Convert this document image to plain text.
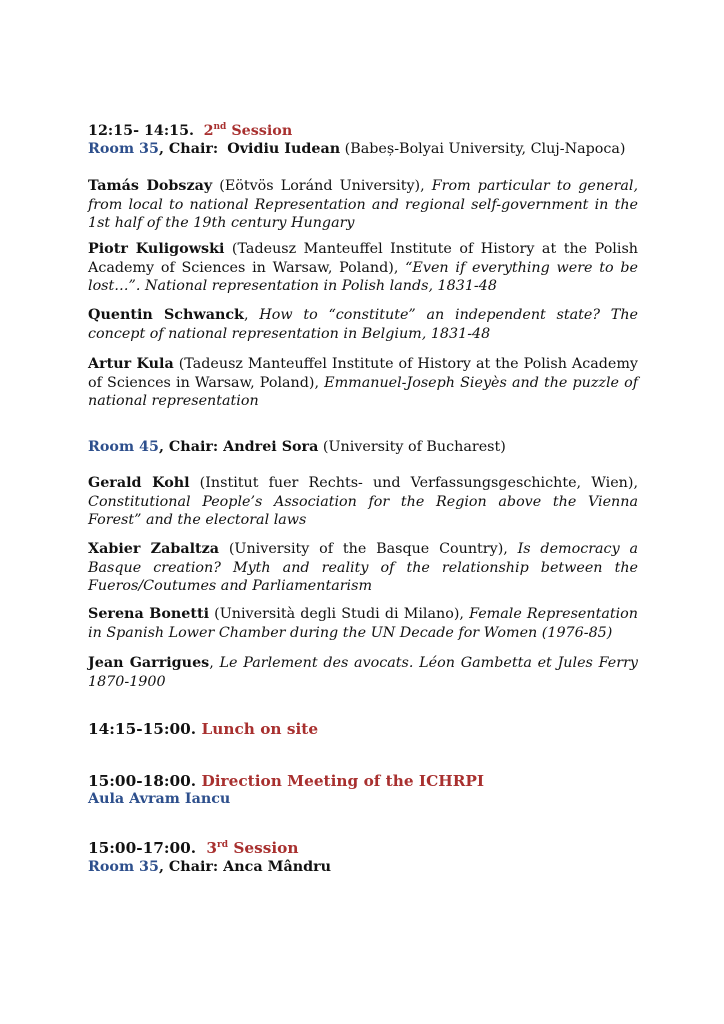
12:15- 14:15. 2nd Session
Room 35, Chair: Ovidiu Iudean (Babeș-Bolyai University, Cluj-Napoca)
Tamás Dobszay (Eötvös Loránd University), From particular to general, from local to national Representation and regional self-government in the 1st half of the 19th century Hungary
Piotr Kuligowski (Tadeusz Manteuffel Institute of History at the Polish Academy of Sciences in Warsaw, Poland), “Even if everything were to be lost…”. National representation in Polish lands, 1831-48
Quentin Schwanck, How to “constitute” an independent state? The concept of national representation in Belgium, 1831-48
Artur Kula (Tadeusz Manteuffel Institute of History at the Polish Academy of Sciences in Warsaw, Poland), Emmanuel-Joseph Sieyès and the puzzle of national representation
Room 45, Chair: Andrei Sora (University of Bucharest)
Gerald Kohl (Institut fuer Rechts- und Verfassungsgeschichte, Wien), Constitutional People’s Association for the Region above the Vienna Forest” and the electoral laws
Xabier Zabaltza (University of the Basque Country), Is democracy a Basque creation? Myth and reality of the relationship between the Fueros/Coutumes and Parliamentarism
Serena Bonetti (Università degli Studi di Milano), Female Representation in Spanish Lower Chamber during the UN Decade for Women (1976-85)
Jean Garrigues, Le Parlement des avocats. Léon Gambetta et Jules Ferry 1870-1900
14:15-15:00. Lunch on site
15:00-18:00. Direction Meeting of the ICHRPI
Aula Avram Iancu
15:00-17:00. 3rd Session
Room 35, Chair: Anca Mândru
